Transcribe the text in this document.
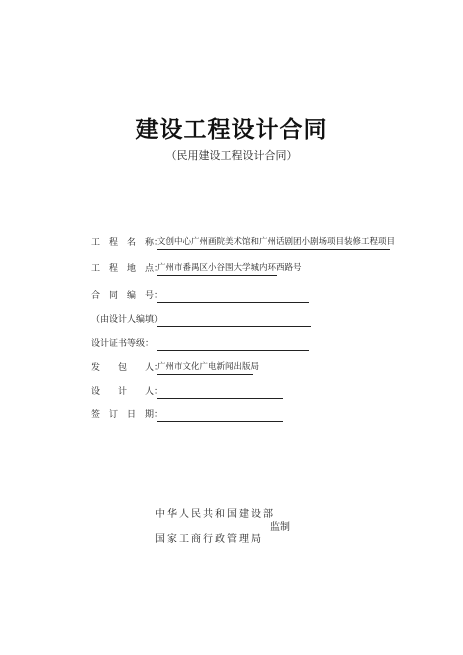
建设工程设计合同
（民用建设工程设计合同）
工　程　名　称：
文创中心广州画院美术馆和广州话剧团小剧场项目装修工程项目
工　程　地　点：
广州市番禺区小谷围大学城内环西路号　
合　同　编　号：
（由设计人编填）
设计证书等级：
发　　包　　人：
广州市文化广电新闻出版局
设　　计　　人：
签　订　日　期：
中华人民共和国建设部
监制
国家工商行政管理局
